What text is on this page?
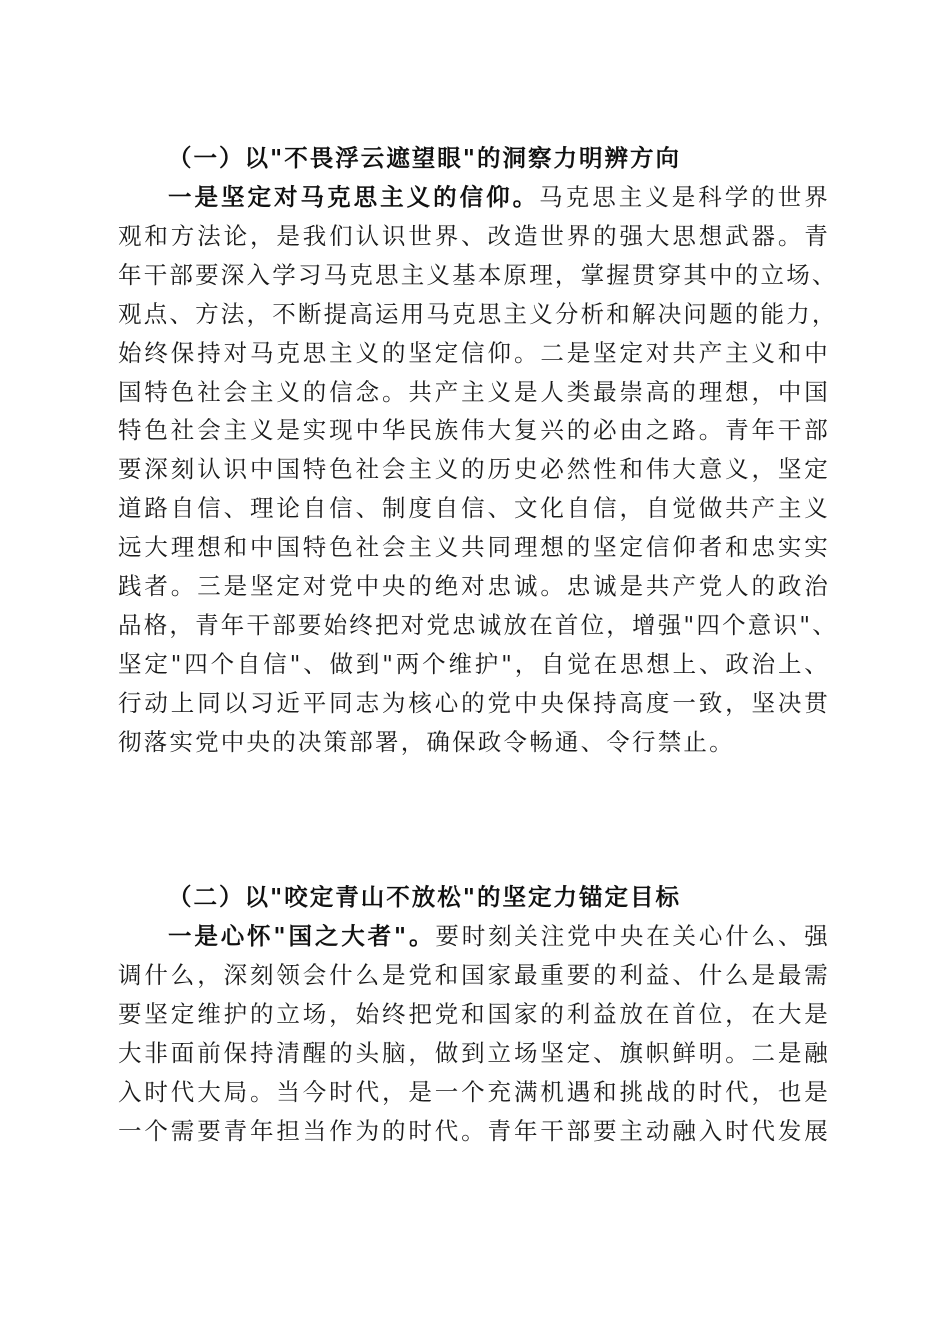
（一）以"不畏浮云遮望眼"的洞察力明辨方向
一是坚定对马克思主义的信仰。马克思主义是科学的世界
观和方法论，是我们认识世界、改造世界的强大思想武器。青
年干部要深入学习马克思主义基本原理，掌握贯穿其中的立场、
观点、方法，不断提高运用马克思主义分析和解决问题的能力，
始终保持对马克思主义的坚定信仰。二是坚定对共产主义和中
国特色社会主义的信念。共产主义是人类最崇高的理想，中国
特色社会主义是实现中华民族伟大复兴的必由之路。青年干部
要深刻认识中国特色社会主义的历史必然性和伟大意义，坚定
道路自信、理论自信、制度自信、文化自信，自觉做共产主义
远大理想和中国特色社会主义共同理想的坚定信仰者和忠实实
践者。三是坚定对党中央的绝对忠诚。忠诚是共产党人的政治
品格，青年干部要始终把对党忠诚放在首位，增强"四个意识"、
坚定"四个自信"、做到"两个维护"，自觉在思想上、政治上、
行动上同以习近平同志为核心的党中央保持高度一致，坚决贯
彻落实党中央的决策部署，确保政令畅通、令行禁止。
（二）以"咬定青山不放松"的坚定力锚定目标
一是心怀"国之大者"。要时刻关注党中央在关心什么、强
调什么，深刻领会什么是党和国家最重要的利益、什么是最需
要坚定维护的立场，始终把党和国家的利益放在首位，在大是
大非面前保持清醒的头脑，做到立场坚定、旗帜鲜明。二是融
入时代大局。当今时代，是一个充满机遇和挑战的时代，也是
一个需要青年担当作为的时代。青年干部要主动融入时代发展
